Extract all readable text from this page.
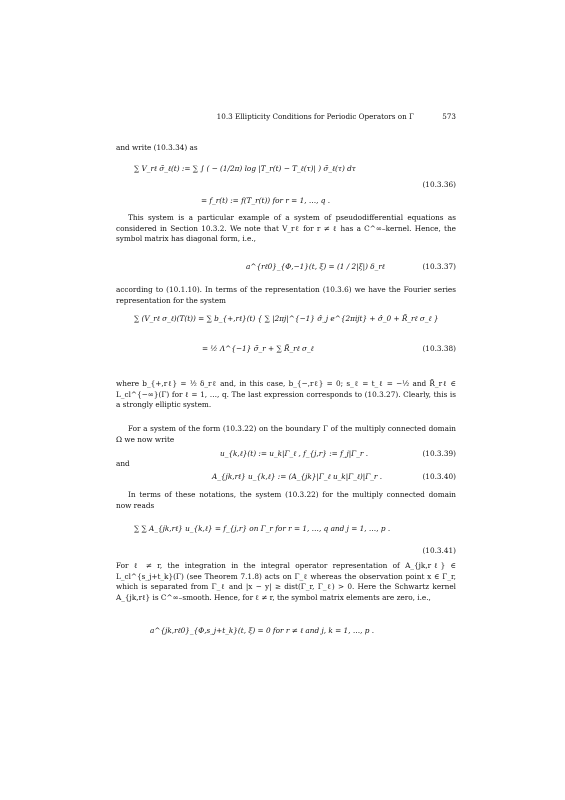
10.3 Ellipticity Conditions for Periodic Operators on Γ	573
and write (10.3.34) as
∑ V_rℓ σ̃_ℓ(t) := ∑ ∫ ( − (1/2π) log |T_r(t) − T_ℓ(τ)| ) σ̃_ℓ(τ) dτ
= f_r(t) := f(T_r(t)) for r = 1, …, q .
(10.3.36)
This system is a particular example of a system of pseudodifferential equations as considered in Section 10.3.2. We note that V_rℓ for r ≠ ℓ has a C^∞–kernel. Hence, the symbol matrix has diagonal form, i.e.,
a^{rℓ0}_{Φ,−1}(t, ξ) = (1 / 2|ξ|) δ_rℓ	(10.3.37)
according to (10.1.10). In terms of the representation (10.3.6) we have the Fourier series representation for the system
∑ (V_rℓ σ_ℓ)(T(t)) = ∑ b_{+,rℓ}(t) { ∑ |2πj|^{−1} σ̂_j e^{2πijt} + σ̂_0 + R̃_rℓ σ_ℓ }
= ½ Λ^{−1} σ̃_r + ∑ R̃_rℓ σ_ℓ	(10.3.38)
where b_{+,rℓ} = ½ δ_rℓ and, in this case, b_{−,rℓ} = 0; s_ℓ = t_ℓ = −½ and R̃_rℓ ∈ L_cl^{−∞}(Γ) for ℓ = 1, …, q. The last expression corresponds to (10.3.27). Clearly, this is a strongly elliptic system.
For a system of the form (10.3.22) on the boundary Γ of the multiply connected domain Ω we now write
u_{k,ℓ}(t) := u_k|Γ_ℓ , f_{j,r} := f_j|Γ_r .	(10.3.39)
and
A_{jk,rℓ} u_{k,ℓ} := (A_{jk}|Γ_ℓ u_k|Γ_ℓ)|Γ_r .	(10.3.40)
In terms of these notations, the system (10.3.22) for the multiply connected domain now reads
∑ ∑ A_{jk,rℓ} u_{k,ℓ} = f_{j,r} on Γ_r for r = 1, …, q and j = 1, …, p .
(10.3.41)
For ℓ ≠ r, the integration in the integral operator representation of A_{jk,rℓ} ∈ L_cl^{s_j+t_k}(Γ) (see Theorem 7.1.8) acts on Γ_ℓ whereas the observation point x ∈ Γ_r, which is separated from Γ_ℓ and |x − y| ≥ dist(Γ_r, Γ_ℓ) > 0. Here the Schwartz kernel A_{jk,rℓ} is C^∞–smooth. Hence, for ℓ ≠ r, the symbol matrix elements are zero, i.e.,
a^{jk,rℓ0}_{Φ,s_j+t_k}(t, ξ) = 0 for r ≠ ℓ and j, k = 1, …, p .
